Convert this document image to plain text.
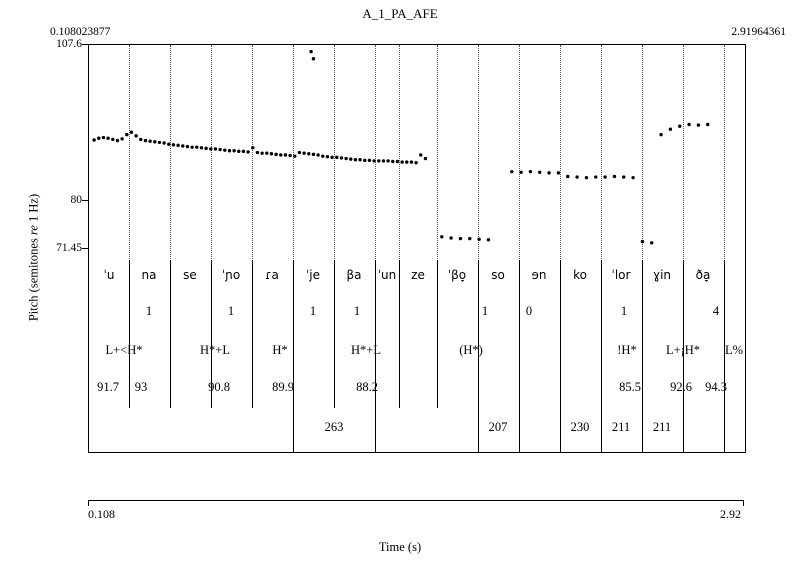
A_1_PA_AFE
0.108023877	2.91964361
Pitch (semitones re 1 Hz)
Time (s)
107.6
80
71.45
ˈu na se ˈɲo ɾa ˈje βa ˈun ze ˈβo̞ so ɘn ko ˈlor ɣin ða̞
1	1	1	1	1	0	1	4
L+<H*	H*+L	H*	H*+L	(H*)	!H* L+¡H* L%
91.7 93	90.8	89.9	88.2	85.5 92.6 94.3
263	207	230 211 211
0.108	2.92
